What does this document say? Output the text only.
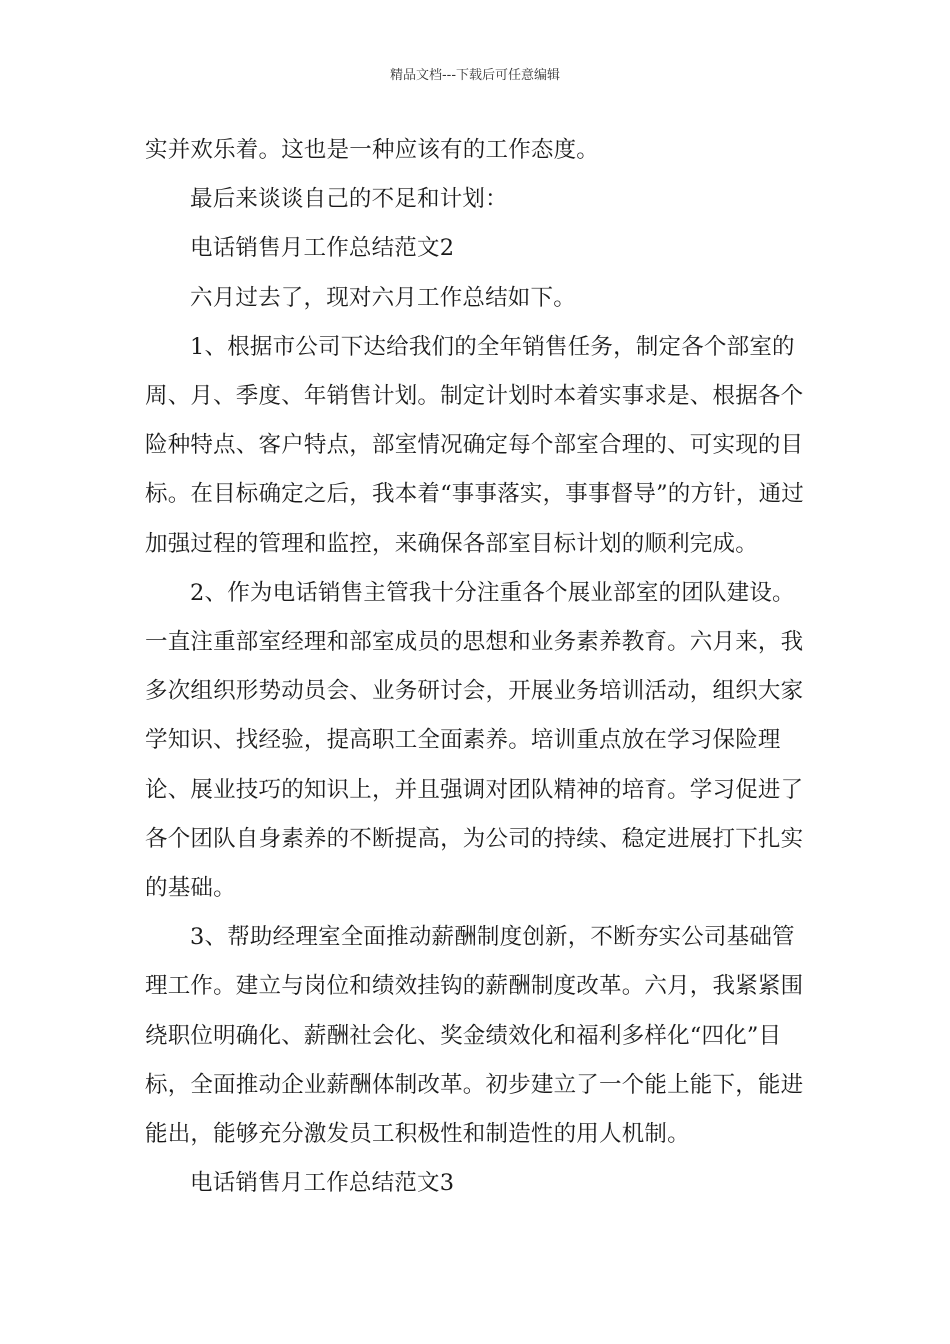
精品文档---下载后可任意编辑

实并欢乐着。这也是一种应该有的工作态度。

最后来谈谈自己的不足和计划：

电话销售月工作总结范文2

六月过去了，现对六月工作总结如下。

1、根据市公司下达给我们的全年销售任务，制定各个部室的周、月、季度、年销售计划。制定计划时本着实事求是、根据各个险种特点、客户特点，部室情况确定每个部室合理的、可实现的目标。在目标确定之后，我本着“事事落实，事事督导”的方针，通过加强过程的管理和监控，来确保各部室目标计划的顺利完成。

2、作为电话销售主管我十分注重各个展业部室的团队建设。一直注重部室经理和部室成员的思想和业务素养教育。六月来，我多次组织形势动员会、业务研讨会，开展业务培训活动，组织大家学知识、找经验，提高职工全面素养。培训重点放在学习保险理论、展业技巧的知识上，并且强调对团队精神的培育。学习促进了各个团队自身素养的不断提高，为公司的持续、稳定进展打下扎实的基础。

3、帮助经理室全面推动薪酬制度创新，不断夯实公司基础管理工作。建立与岗位和绩效挂钩的薪酬制度改革。六月，我紧紧围绕职位明确化、薪酬社会化、奖金绩效化和福利多样化“四化”目标，全面推动企业薪酬体制改革。初步建立了一个能上能下，能进能出，能够充分激发员工积极性和制造性的用人机制。

电话销售月工作总结范文3
